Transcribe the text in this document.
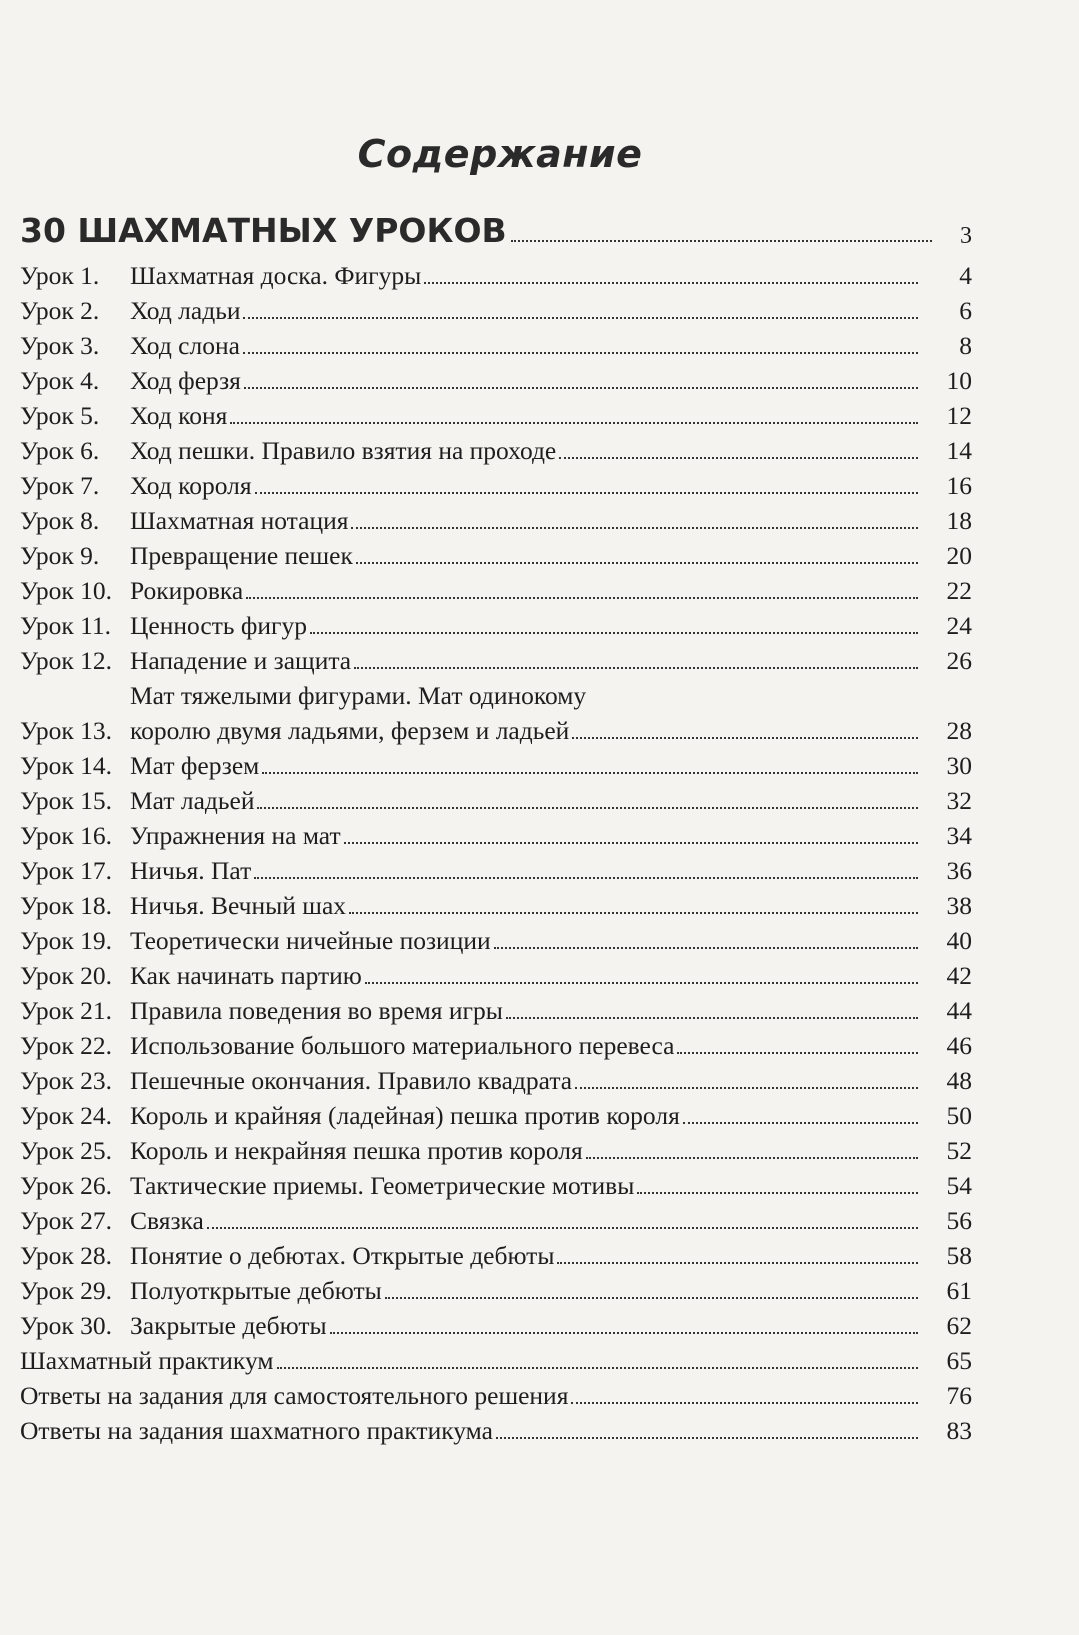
Содержание
30 ШАХМАТНЫХ УРОКОВ	3
Урок 1.	Шахматная доска. Фигуры	4
Урок 2.	Ход ладьи	6
Урок 3.	Ход слона	8
Урок 4.	Ход ферзя	10
Урок 5.	Ход коня	12
Урок 6.	Ход пешки. Правило взятия на проходе	14
Урок 7.	Ход короля	16
Урок 8.	Шахматная нотация	18
Урок 9.	Превращение пешек	20
Урок 10. Рокировка	22
Урок 11. Ценность фигур	24
Урок 12. Нападение и защита	26
Урок 13.
Мат тяжелыми фигурами. Мат одинокому
королю двумя ладьями, ферзем и ладьей	28
Урок 14. Мат ферзем	30
Урок 15. Мат ладьей	32
Урок 16. Упражнения на мат	34
Урок 17. Ничья. Пат	36
Урок 18. Ничья. Вечный шах	38
Урок 19. Теоретически ничейные позиции	40
Урок 20. Как начинать партию	42
Урок 21. Правила поведения во время игры	44
Урок 22. Использование большого материального перевеса	46
Урок 23. Пешечные окончания. Правило квадрата	48
Урок 24. Король и крайняя (ладейная) пешка против короля	50
Урок 25. Король и некрайняя пешка против короля	52
Урок 26. Тактические приемы. Геометрические мотивы	54
Урок 27. Связка	56
Урок 28. Понятие о дебютах. Открытые дебюты	58
Урок 29. Полуоткрытые дебюты	61
Урок 30. Закрытые дебюты	62
Шахматный практикум	65
Ответы на задания для самостоятельного решения	76
Ответы на задания шахматного практикума	83
